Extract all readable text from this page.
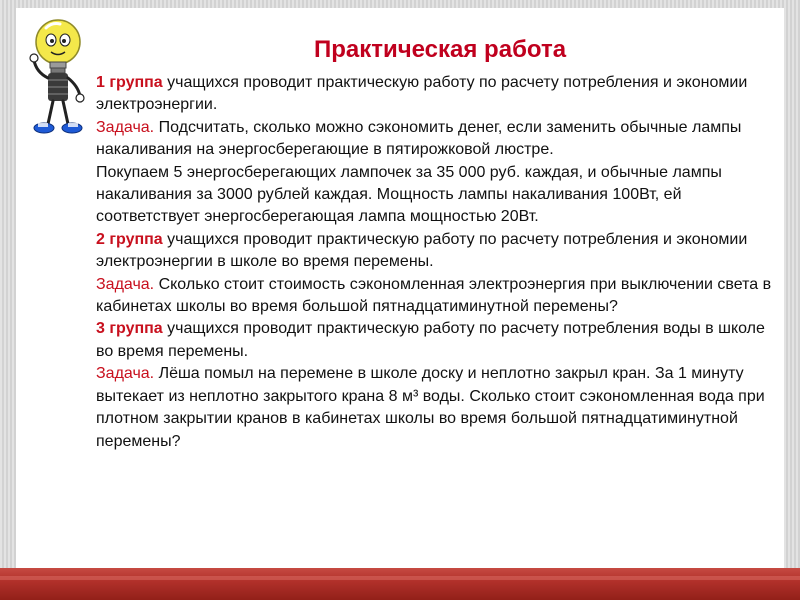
Практическая работа

1 группа учащихся проводит практическую работу по расчету потребления и экономии электроэнергии.

Задача. Подсчитать, сколько можно сэкономить денег, если заменить обычные лампы накаливания на энергосберегающие в пятирожковой люстре.

Покупаем 5 энергосберегающих лампочек за 35 000 руб. каждая, и обычные лампы накаливания за 3000 рублей каждая. Мощность лампы накаливания 100Вт, ей соответствует энергосберегающая лампа мощностью 20Вт.

2 группа учащихся проводит практическую работу по расчету потребления и экономии электроэнергии в школе во время перемены.

Задача. Сколько стоит стоимость сэкономленная электроэнергия при выключении света в кабинетах школы во время большой пятнадцатиминутной перемены?

3 группа учащихся проводит практическую работу по расчету потребления воды в школе во время перемены.

Задача. Лёша помыл на перемене в школе доску и неплотно закрыл кран. За 1 минуту вытекает из неплотно закрытого крана 8 м³ воды. Сколько стоит сэкономленная вода при плотном закрытии кранов в кабинетах школы во время большой пятнадцатиминутной перемены?
